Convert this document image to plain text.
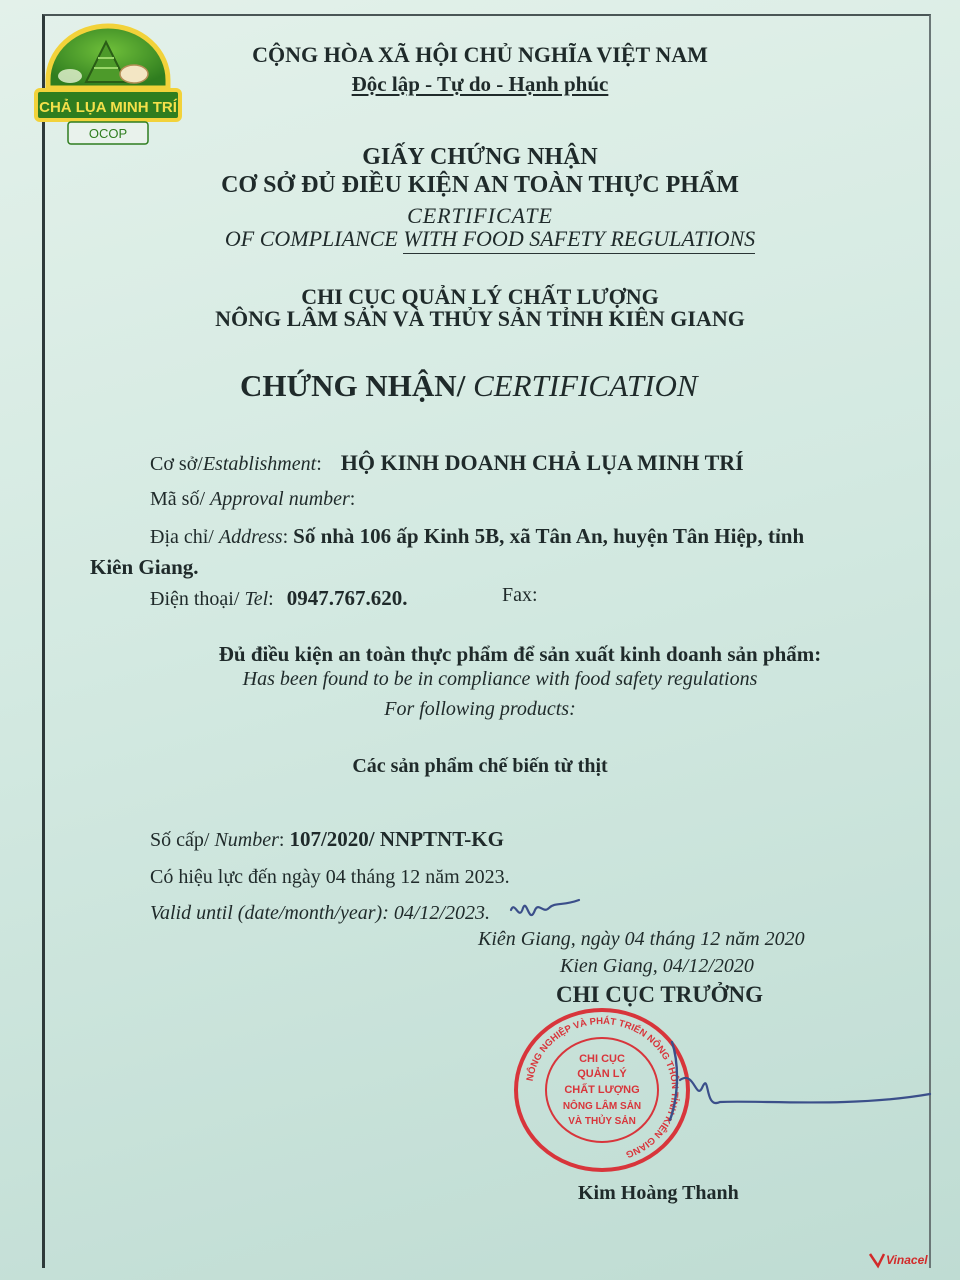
CHẢ LỤA MINH TRÍ
OCOP
CỘNG HÒA XÃ HỘI CHỦ NGHĨA VIỆT NAM
Độc lập - Tự do - Hạnh phúc
GIẤY CHỨNG NHẬN
CƠ SỞ ĐỦ ĐIỀU KIỆN AN TOÀN THỰC PHẨM
CERTIFICATE
OF COMPLIANCE WITH FOOD SAFETY REGULATIONS
CHI CỤC QUẢN LÝ CHẤT LƯỢNG
NÔNG LÂM SẢN VÀ THỦY SẢN TỈNH KIÊN GIANG
CHỨNG NHẬN/ CERTIFICATION
Cơ sở/Establishment: HỘ KINH DOANH CHẢ LỤA MINH TRÍ
Mã số/ Approval number:
Địa chỉ/ Address: Số nhà 106 ấp Kinh 5B, xã Tân An, huyện Tân Hiệp, tỉnh
Kiên Giang.
Điện thoại/ Tel: 0947.767.620.	Fax:
Đủ điều kiện an toàn thực phẩm để sản xuất kinh doanh sản phẩm:
Has been found to be in compliance with food safety regulations
For following products:
Các sản phẩm chế biến từ thịt
Số cấp/ Number: 107/2020/ NNPTNT-KG
Có hiệu lực đến ngày 04 tháng 12 năm 2023.
Valid until (date/month/year): 04/12/2023.
Kiên Giang, ngày 04 tháng 12 năm 2020
Kien Giang, 04/12/2020
CHI CỤC TRƯỞNG
NÔNG NGHIỆP VÀ PHÁT TRIỂN NÔNG THÔN TỈNH KIÊN GIANG
CHI CỤC
QUẢN LÝ
CHẤT LƯỢNG
NÔNG LÂM SẢN
VÀ THỦY SẢN
Kim Hoàng Thanh
Vinacel
